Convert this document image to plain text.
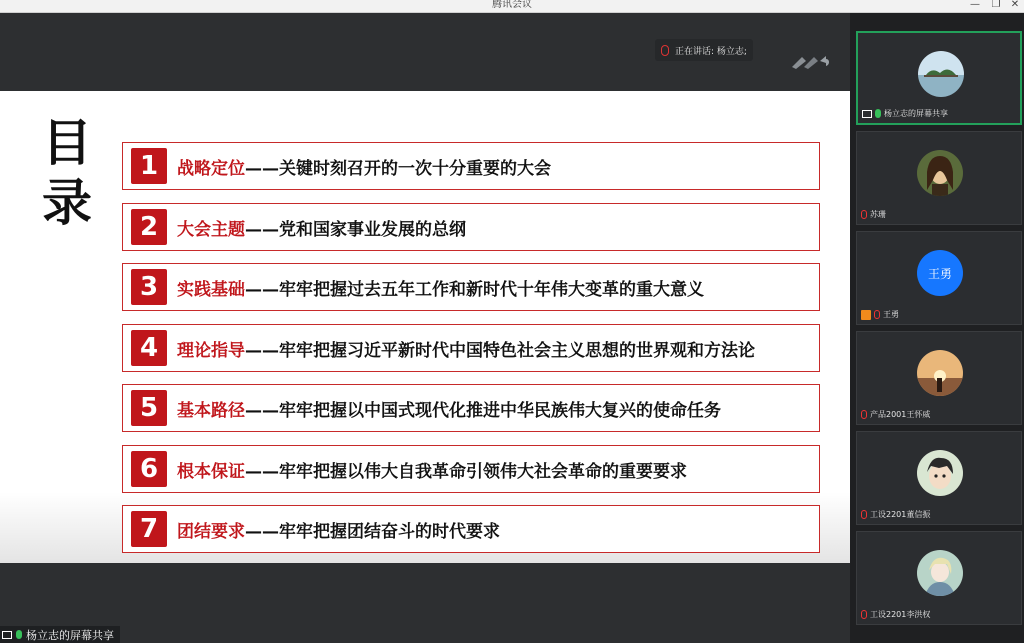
腾讯会议	—	❐	✕
正在讲话: 杨立志;
目录
1	战略定位 ——关键时刻召开的一次十分重要的大会
2	大会主题 ——党和国家事业发展的总纲
3	实践基础 ——牢牢把握过去五年工作和新时代十年伟大变革的重大意义
4	理论指导 ——牢牢把握习近平新时代中国特色社会主义思想的世界观和方法论
5	基本路径 ——牢牢把握以中国式现代化推进中华民族伟大复兴的使命任务
6	根本保证 ——牢牢把握以伟大自我革命引领伟大社会革命的重要要求
7	团结要求 ——牢牢把握团结奋斗的时代要求
杨立志的屏幕共享
杨立志的屏幕共享
苏珊
王勇
王勇
产品2001王怀威
工设2201董信振
工设2201李洪权
